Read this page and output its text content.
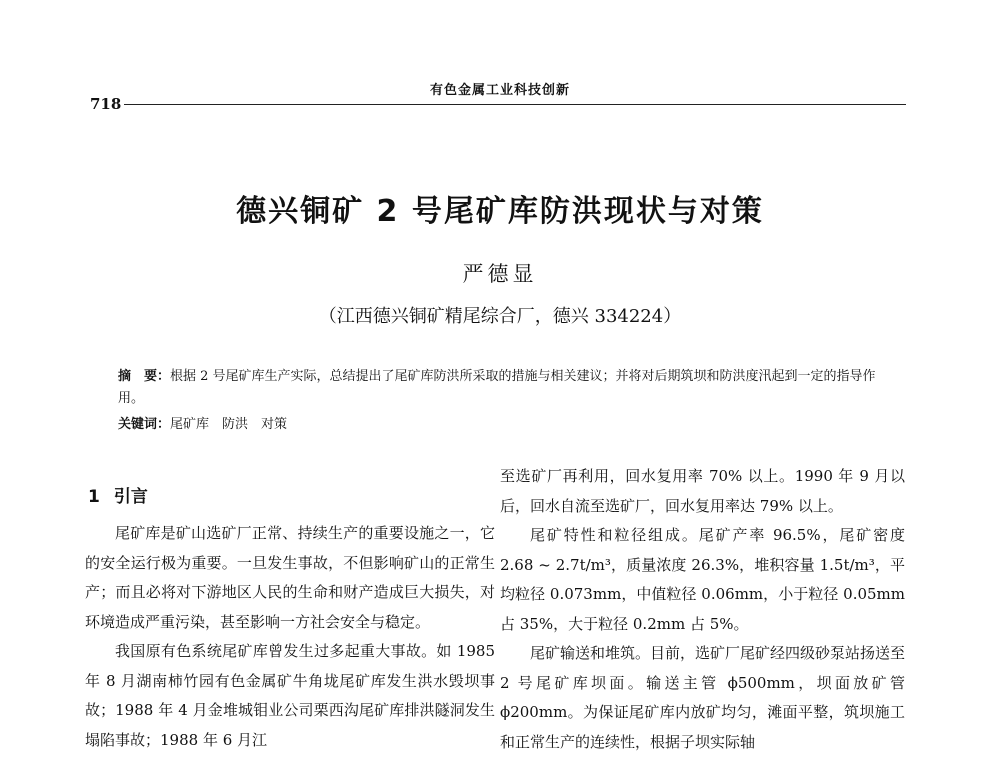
有色金属工业科技创新
718
德兴铜矿 2 号尾矿库防洪现状与对策
严德显
（江西德兴铜矿精尾综合厂，德兴 334224）
摘　要：根据 2 号尾矿库生产实际，总结提出了尾矿库防洪所采取的措施与相关建议；并将对后期筑坝和防洪度汛起到一定的指导作用。
关键词：尾矿库　防洪　对策
1 引言

尾矿库是矿山选矿厂正常、持续生产的重要设施之一，它的安全运行极为重要。一旦发生事故，不但影响矿山的正常生产；而且必将对下游地区人民的生命和财产造成巨大损失，对环境造成严重污染，甚至影响一方社会安全与稳定。

我国原有色系统尾矿库曾发生过多起重大事故。如 1985 年 8 月湖南柿竹园有色金属矿牛角垅尾矿库发生洪水毁坝事故；1988 年 4 月金堆城钼业公司栗西沟尾矿库排洪隧洞发生塌陷事故；1988 年 6 月江

至选矿厂再利用，回水复用率 70% 以上。1990 年 9 月以后，回水自流至选矿厂，回水复用率达 79% 以上。

尾矿特性和粒径组成。尾矿产率 96.5%，尾矿密度 2.68 ~ 2.7t/m³，质量浓度 26.3%，堆积容量 1.5t/m³，平均粒径 0.073mm，中值粒径 0.06mm，小于粒径 0.05mm 占 35%，大于粒径 0.2mm 占 5%。

尾矿输送和堆筑。目前，选矿厂尾矿经四级砂泵站扬送至 2 号尾矿库坝面。输送主管 ϕ500mm，坝面放矿管 ϕ200mm。为保证尾矿库内放矿均匀，滩面平整，筑坝施工和正常生产的连续性，根据子坝实际轴
